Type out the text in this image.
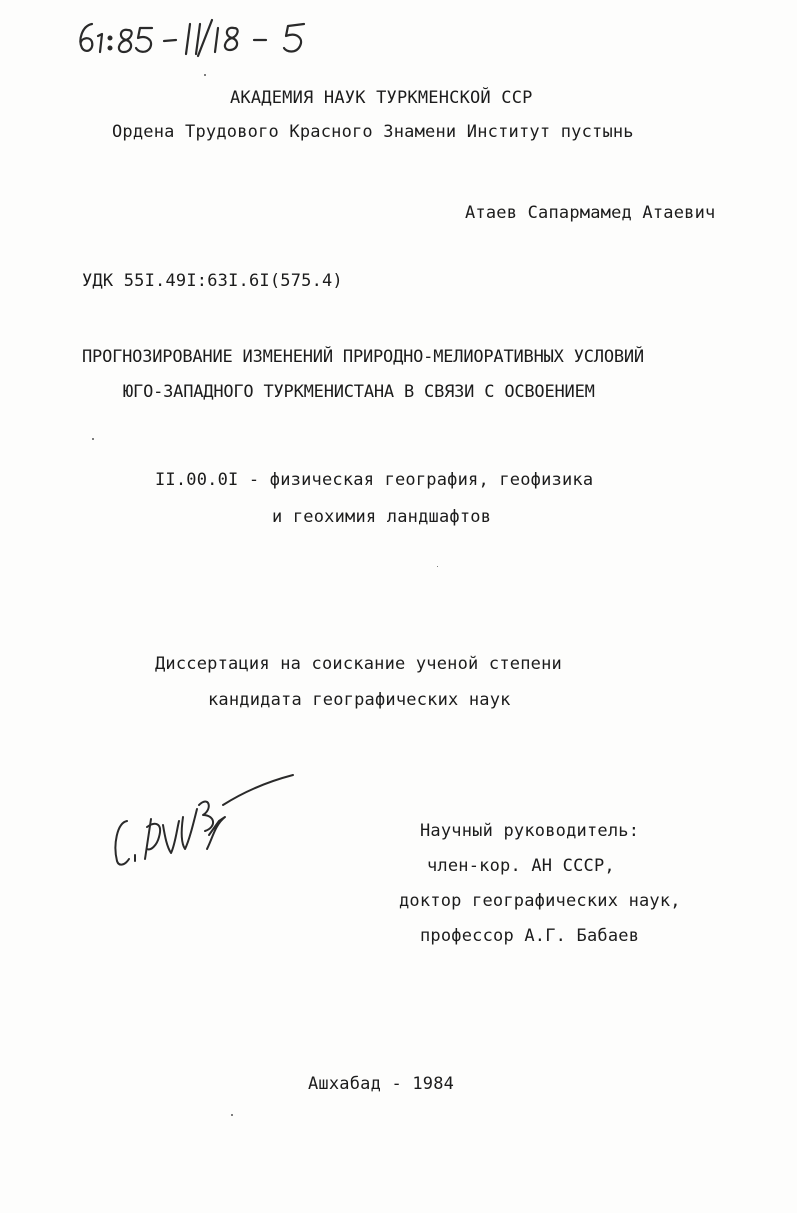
АКАДЕМИЯ НАУК ТУРКМЕНСКОЙ ССР
Ордена Трудового Красного Знамени Институт пустынь
Атаев Сапармамед Атаевич
УДК 55I.49I:63I.6I(575.4)
ПРОГНОЗИРОВАНИЕ ИЗМЕНЕНИЙ ПРИРОДНО-МЕЛИОРАТИВНЫХ УСЛОВИЙ
ЮГО-ЗАПАДНОГО ТУРКМЕНИСТАНА В СВЯЗИ С ОСВОЕНИЕМ
II.00.0I - физическая география, геофизика
и геохимия ландшафтов
Диссертация на соискание ученой степени
кандидата географических наук
Научный руководитель:
член-кор. АН СССР,
доктор географических наук,
профессор А.Г. Бабаев
Ашхабад - 1984
